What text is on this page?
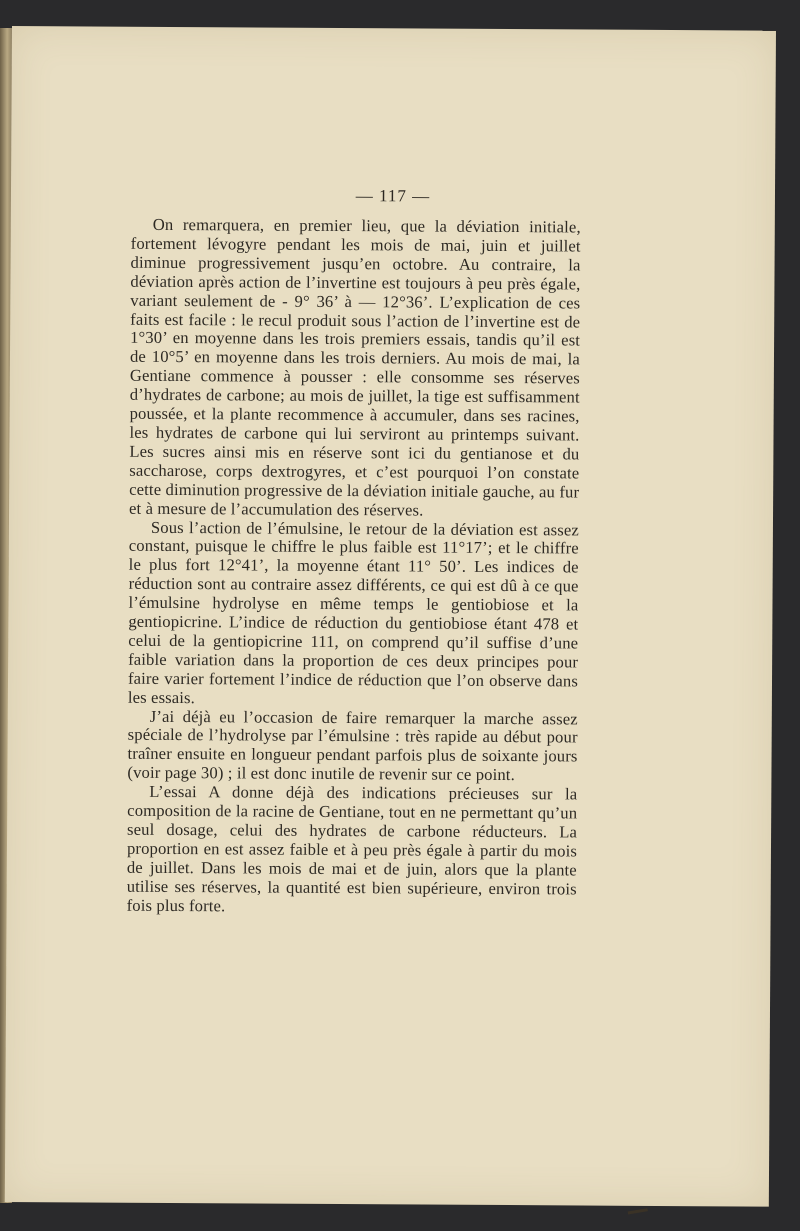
— 117 —

On remarquera, en premier lieu, que la déviation initiale, fortement lévogyre pendant les mois de mai, juin et juillet diminue progressivement jusqu’en octobre. Au contraire, la déviation après action de l’invertine est toujours à peu près égale, variant seulement de - 9° 36’ à — 12°36’. L’explication de ces faits est facile : le recul produit sous l’action de l’invertine est de 1°30’ en moyenne dans les trois premiers essais, tandis qu’il est de 10°5’ en moyenne dans les trois derniers. Au mois de mai, la Gentiane commence à pousser : elle consomme ses réserves d’hydrates de carbone; au mois de juillet, la tige est suffisamment poussée, et la plante recommence à accumuler, dans ses racines, les hydrates de carbone qui lui serviront au printemps suivant. Les sucres ainsi mis en réserve sont ici du gentianose et du saccharose, corps dextrogyres, et c’est pourquoi l’on constate cette diminution progressive de la déviation initiale gauche, au fur et à mesure de l’accumulation des réserves.

Sous l’action de l’émulsine, le retour de la déviation est assez constant, puisque le chiffre le plus faible est 11°17’; et le chiffre le plus fort 12°41’, la moyenne étant 11° 50’. Les indices de réduction sont au contraire assez différents, ce qui est dû à ce que l’émulsine hydrolyse en même temps le gentiobiose et la gentiopicrine. L’indice de réduction du gentiobiose étant 478 et celui de la gentiopicrine 111, on comprend qu’il suffise d’une faible variation dans la proportion de ces deux principes pour faire varier fortement l’indice de réduction que l’on observe dans les essais.

J’ai déjà eu l’occasion de faire remarquer la marche assez spéciale de l’hydrolyse par l’émulsine : très rapide au début pour traîner ensuite en longueur pendant parfois plus de soixante jours (voir page 30) ; il est donc inutile de revenir sur ce point.

L’essai A donne déjà des indications précieuses sur la composition de la racine de Gentiane, tout en ne permettant qu’un seul dosage, celui des hydrates de carbone réducteurs. La proportion en est assez faible et à peu près égale à partir du mois de juillet. Dans les mois de mai et de juin, alors que la plante utilise ses réserves, la quantité est bien supérieure, environ trois fois plus forte.
